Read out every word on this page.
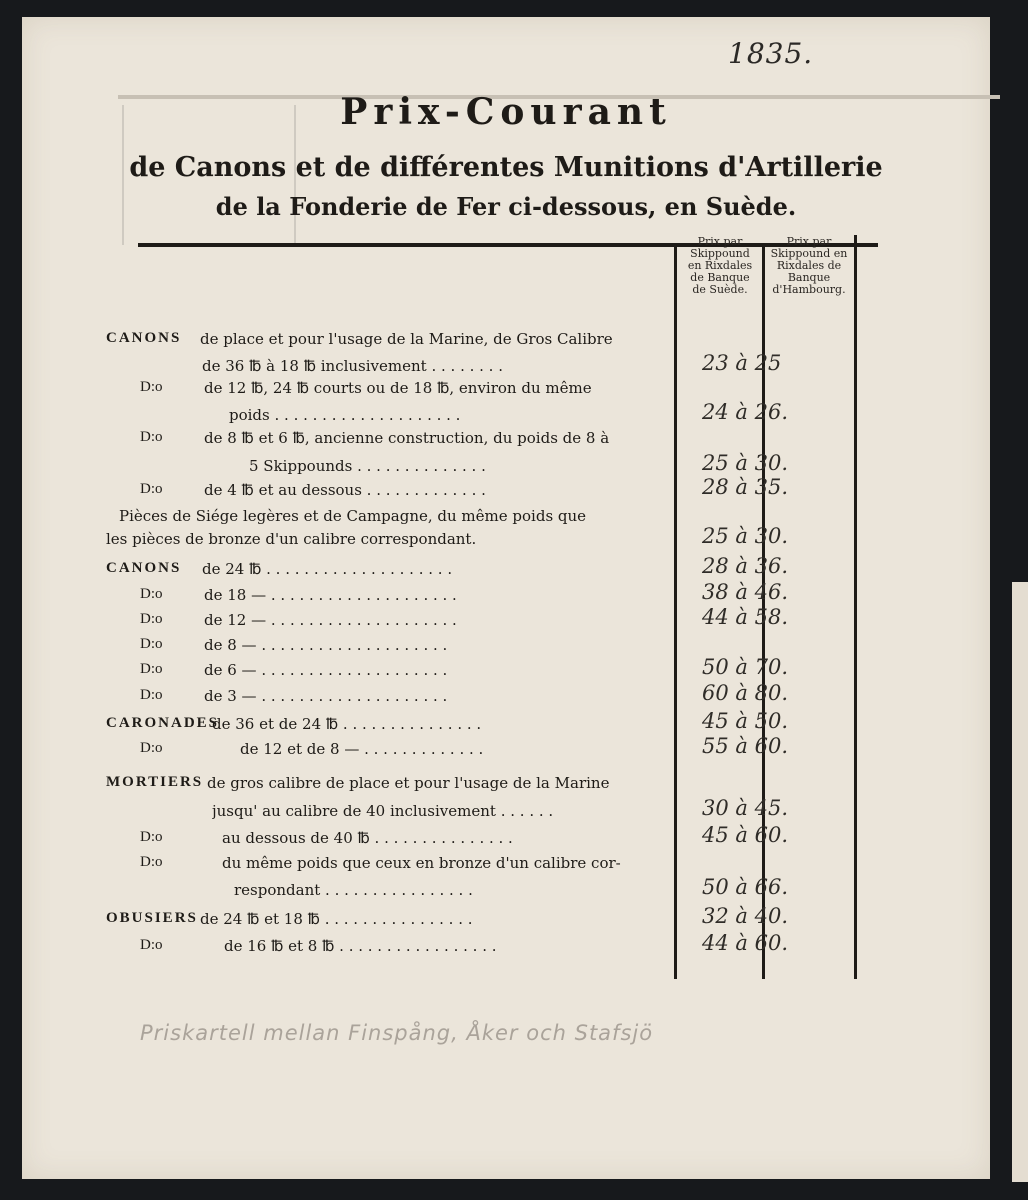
1835.
Prix-Courant
de Canons et de différentes Munitions d'Artillerie
de la Fonderie de Fer ci-dessous, en Suède.
Prix par Skippound en Rixdales de Banque de Suède.
Prix par Skippound en Rixdales de Banque d'Hambourg.
CANONS de place et pour l'usage de la Marine, de Gros Calibre
de 36 ℔ à 18 ℔ inclusivement . . . . . . . .	23 à 25
D:o	de 12 ℔, 24 ℔ courts ou de 18 ℔, environ du même
poids . . . . . . . . . . . . . . . . . . . .	24 à 26.
D:o	de 8 ℔ et 6 ℔, ancienne construction, du poids de 8 à
5 Skippounds . . . . . . . . . . . . . .	25 à 30.
D:o	de 4 ℔ et au dessous . . . . . . . . . . . . .	28 à 35.
Pièces de Siége legères et de Campagne, du même poids que
les pièces de bronze d'un calibre correspondant.	25 à 30.
CANONS de 24 ℔ . . . . . . . . . . . . . . . . . . . .	28 à 36.
D:o	de 18 — . . . . . . . . . . . . . . . . . . . .	38 à 46.
D:o	de 12 — . . . . . . . . . . . . . . . . . . . .	44 à 58.
D:o	de 8 — . . . . . . . . . . . . . . . . . . . .
D:o	de 6 — . . . . . . . . . . . . . . . . . . . .	50 à 70.
D:o	de 3 — . . . . . . . . . . . . . . . . . . . .	60 à 80.
CARONADES
de 36 et de 24 ℔ . . . . . . . . . . . . . . .	45 à 50.
D:o	de 12 et de 8 — . . . . . . . . . . . . .	55 à 60.
MORTIERS de gros calibre de place et pour l'usage de la Marine
jusqu' au calibre de 40 inclusivement . . . . . .	30 à 45.
D:o	au dessous de 40 ℔ . . . . . . . . . . . . . . .	45 à 60.
D:o	du même poids que ceux en bronze d'un calibre cor-
respondant . . . . . . . . . . . . . . . .	50 à 66.
OBUSIERS de 24 ℔ et 18 ℔ . . . . . . . . . . . . . . . .	32 à 40.
D:o	de 16 ℔ et 8 ℔ . . . . . . . . . . . . . . . . .	44 à 60.
Priskartell mellan Finspång, Åker och Stafsjö
